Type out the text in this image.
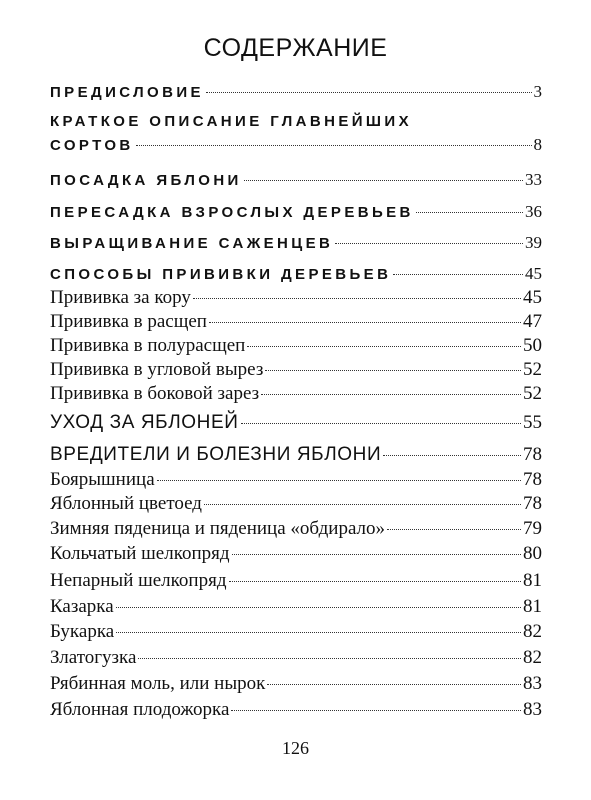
СОДЕРЖАНИЕ
ПРЕДИСЛОВИЕ	3
КРАТКОЕ ОПИСАНИЕ ГЛАВНЕЙШИХ
СОРТОВ	8
ПОСАДКА ЯБЛОНИ	33
ПЕРЕСАДКА ВЗРОСЛЫХ ДЕРЕВЬЕВ	36
ВЫРАЩИВАНИЕ САЖЕНЦЕВ	39
СПОСОБЫ ПРИВИВКИ ДЕРЕВЬЕВ	45
Прививка за кору	45
Прививка в расщеп	47
Прививка в полурасщеп	50
Прививка в угловой вырез	52
Прививка в боковой зарез	52
УХОД ЗА ЯБЛОНЕЙ	55
ВРЕДИТЕЛИ И БОЛЕЗНИ ЯБЛОНИ	78
Боярышница	78
Яблонный цветоед	78
Зимняя пяденица и пяденица «обдирало»	79
Кольчатый шелкопряд	80
Непарный шелкопряд	81
Казарка	81
Букарка	82
Златогузка	82
Рябинная моль, или нырок	83
Яблонная плодожорка	83
126
